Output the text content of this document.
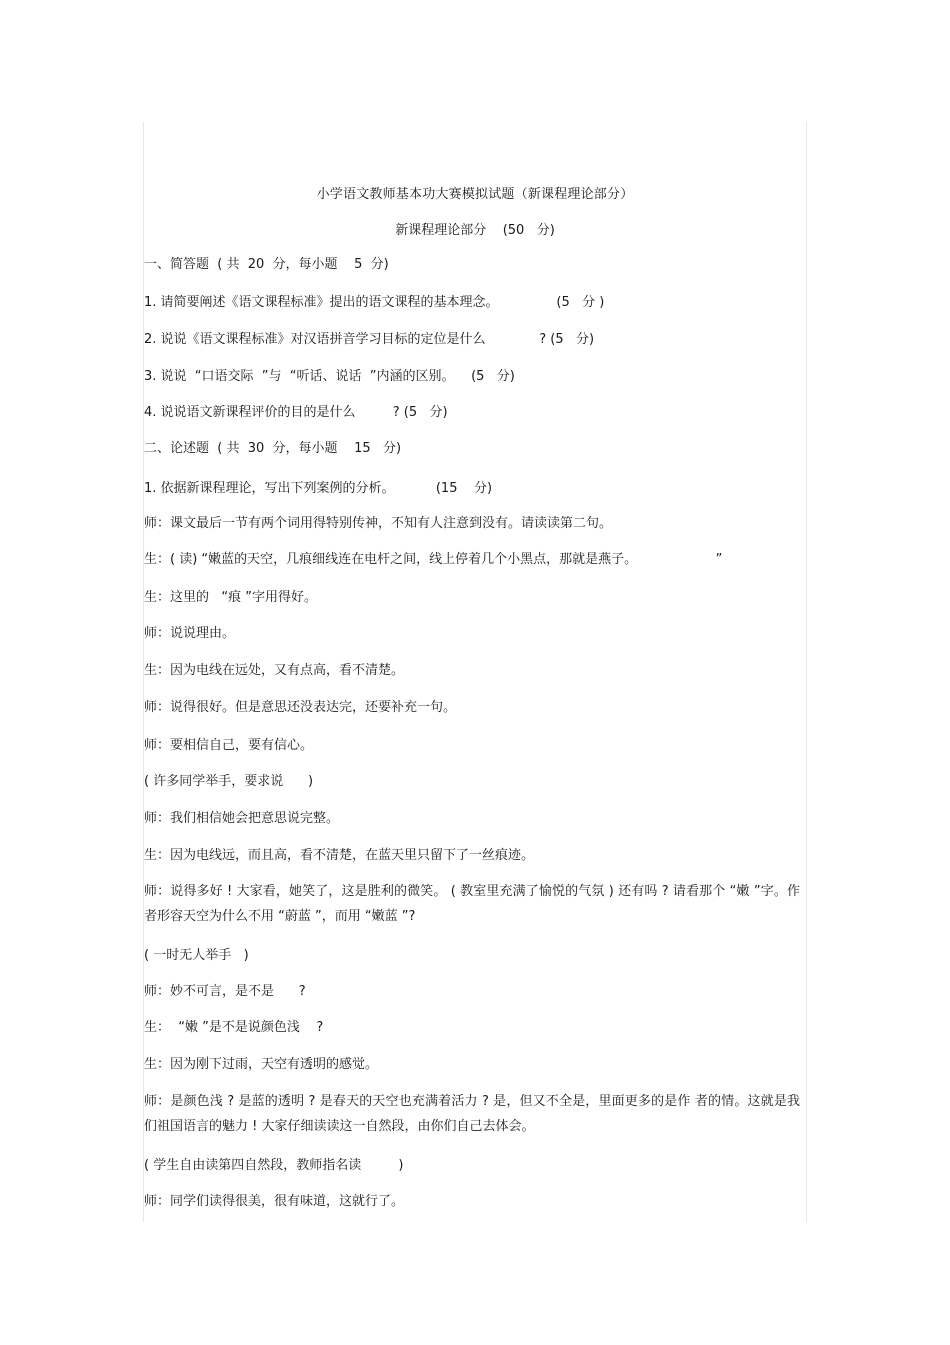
小学语文教师基本功大赛模拟试题（新课程理论部分）
新课程理论部分    (50   分)
一、简答题  ( 共  20  分，每小题    5  分)
1. 请简要阐述《语文课程标准》提出的语文课程的基本理念。              (5   分 )
2. 说说《语文课程标准》对汉语拼音学习目标的定位是什么             ? (5   分)
3. 说说  “口语交际  ”与  “听话、说话  ”内涵的区别。    (5   分)
4. 说说语文新课程评价的目的是什么         ? (5   分)
二、论述题  ( 共  30  分，每小题    15   分)
1. 依据新课程理论，写出下列案例的分析。          (15    分)
师：课文最后一节有两个词用得特别传神，不知有人注意到没有。请读读第二句。
生：( 读) “嫩蓝的天空，几痕细线连在电杆之间，线上停着几个小黑点，那就是燕子。                   ”
生：这里的   “痕 ”字用得好。
师：说说理由。
生：因为电线在远处，又有点高，看不清楚。
师：说得很好。但是意思还没表达完，还要补充一句。
师：要相信自己，要有信心。
( 许多同学举手，要求说      )
师：我们相信她会把意思说完整。
生：因为电线远，而且高，看不清楚，在蓝天里只留下了一丝痕迹。
师：说得多好 ! 大家看，她笑了，这是胜利的微笑。 ( 教室里充满了愉悦的气氛 ) 还有吗 ? 请看那个 “嫩 ”字。作者形容天空为什么不用 “蔚蓝 ”，而用 “嫩蓝 ”?
( 一时无人举手   )
师：妙不可言，是不是      ?
生：  “嫩 ”是不是说颜色浅    ?
生：因为刚下过雨，天空有透明的感觉。
师：是颜色浅 ? 是蓝的透明 ? 是春天的天空也充满着活力 ? 是，但又不全是，里面更多的是作 者的情。这就是我们祖国语言的魅力 ! 大家仔细读读这一自然段，由你们自己去体会。
( 学生自由读第四自然段，教师指名读         )
师：同学们读得很美，很有味道，这就行了。
